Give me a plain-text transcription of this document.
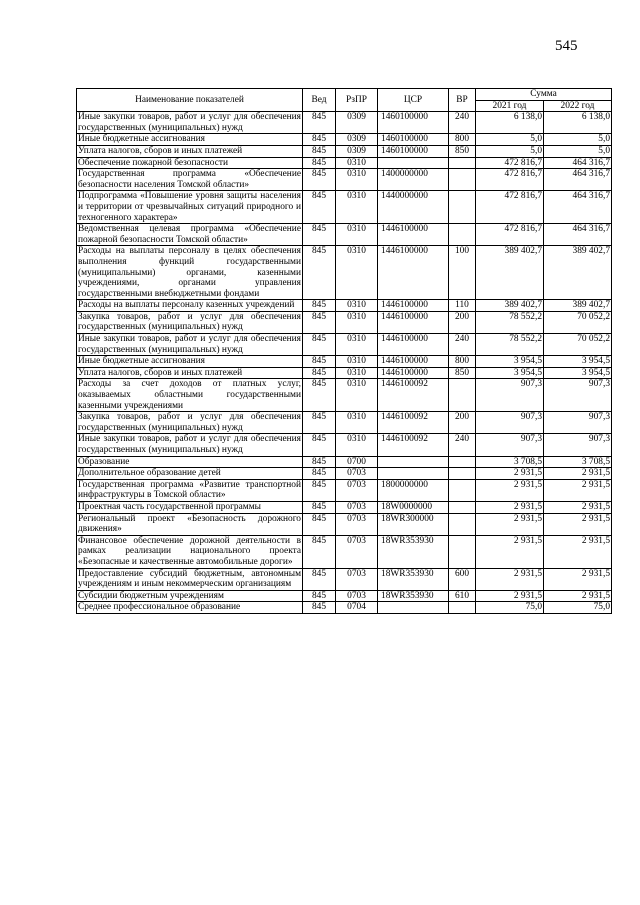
545
Наименование показателей	Вед	РзПР	ЦСР	ВР	Сумма	
					2021 год	2022 год
Иные закупки товаров, работ и услуг для обеспечения государственных (муниципальных) нужд	845	0309	1460100000	240	6 138,0	6 138,0
Иные бюджетные ассигнования	845	0309	1460100000	800	5,0	5,0
Уплата налогов, сборов и иных платежей	845	0309	1460100000	850	5,0	5,0
Обеспечение пожарной безопасности	845	0310			472 816,7	464 316,7
Государственная программа «Обеспечение безопасности населения Томской области»	845	0310	1400000000		472 816,7	464 316,7
Подпрограмма «Повышение уровня защиты населения и территории от чрезвычайных ситуаций природного и техногенного характера»	845	0310	1440000000		472 816,7	464 316,7
Ведомственная целевая программа «Обеспечение пожарной безопасности Томской области»	845	0310	1446100000		472 816,7	464 316,7
Расходы на выплаты персоналу в целях обеспечения выполнения функций государственными (муниципальными) органами, казенными учреждениями, органами управления государственными внебюджетными фондами	845	0310	1446100000	100	389 402,7	389 402,7
Расходы на выплаты персоналу казенных учреждений	845	0310	1446100000	110	389 402,7	389 402,7
Закупка товаров, работ и услуг для обеспечения государственных (муниципальных) нужд	845	0310	1446100000	200	78 552,2	70 052,2
Иные закупки товаров, работ и услуг для обеспечения государственных (муниципальных) нужд	845	0310	1446100000	240	78 552,2	70 052,2
Иные бюджетные ассигнования	845	0310	1446100000	800	3 954,5	3 954,5
Уплата налогов, сборов и иных платежей	845	0310	1446100000	850	3 954,5	3 954,5
Расходы за счет доходов от платных услуг, оказываемых областными государственными казенными учреждениями	845	0310	1446100092		907,3	907,3
Закупка товаров, работ и услуг для обеспечения государственных (муниципальных) нужд	845	0310	1446100092	200	907,3	907,3
Иные закупки товаров, работ и услуг для обеспечения государственных (муниципальных) нужд	845	0310	1446100092	240	907,3	907,3
Образование	845	0700			3 708,5	3 708,5
Дополнительное образование детей	845	0703			2 931,5	2 931,5
Государственная программа «Развитие транспортной инфраструктуры в Томской области»	845	0703	1800000000		2 931,5	2 931,5
Проектная часть государственной программы	845	0703	18W0000000		2 931,5	2 931,5
Региональный проект «Безопасность дорожного движения»	845	0703	18WR300000		2 931,5	2 931,5
Финансовое обеспечение дорожной деятельности в рамках реализации национального проекта «Безопасные и качественные автомобильные дороги»	845	0703	18WR353930		2 931,5	2 931,5
Предоставление субсидий бюджетным, автономным учреждениям и иным некоммерческим организациям	845	0703	18WR353930	600	2 931,5	2 931,5
Субсидии бюджетным учреждениям	845	0703	18WR353930	610	2 931,5	2 931,5
Среднее профессиональное образование	845	0704			75,0	75,0
